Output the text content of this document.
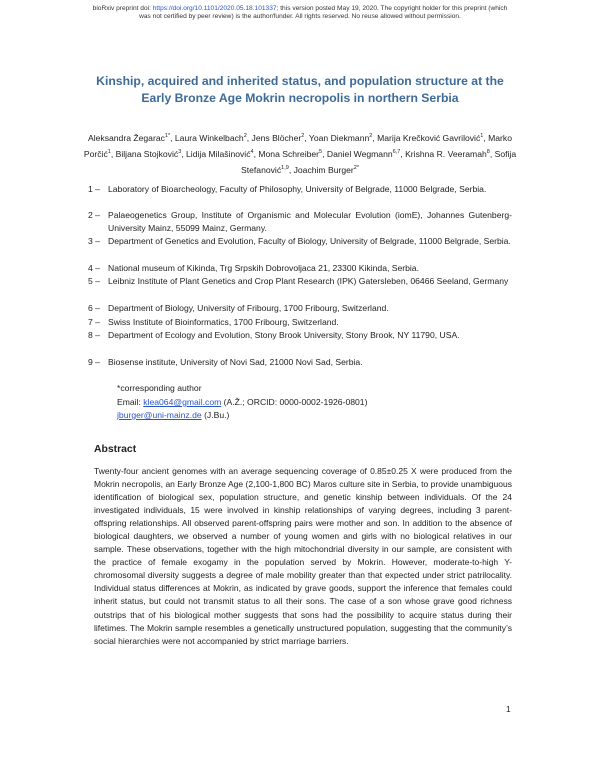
bioRxiv preprint doi: https://doi.org/10.1101/2020.05.18.101337; this version posted May 19, 2020. The copyright holder for this preprint (which
was not certified by peer review) is the author/funder. All rights reserved. No reuse allowed without permission.
Kinship, acquired and inherited status, and population structure at the
Early Bronze Age Mokrin necropolis in northern Serbia
Aleksandra Žegarac$^{1*}$, Laura Winkelbach$^2$, Jens Blöcher$^2$, Yoan Diekmann$^2$, Marija Krečković Gavrilović$^1$, Marko Porčić$^1$, Biljana Stojković$^3$, Lidija Milašinović$^4$, Mona Schreiber$^5$, Daniel Wegmann$^{6,7}$, Krishna R. Veeramah$^8$, Sofija Stefanović$^{1,9}$, Joachim Burger$^{2*}$
1 – Laboratory of Bioarcheology, Faculty of Philosophy, University of Belgrade, 11000 Belgrade, Serbia.
2 – Palaeogenetics Group, Institute of Organismic and Molecular Evolution (iomE), Johannes Gutenberg-University Mainz, 55099 Mainz, Germany.
3 – Department of Genetics and Evolution, Faculty of Biology, University of Belgrade, 11000 Belgrade, Serbia.
4 – National museum of Kikinda, Trg Srpskih Dobrovoljaca 21, 23300 Kikinda, Serbia.
5 – Leibniz Institute of Plant Genetics and Crop Plant Research (IPK) Gatersleben, 06466 Seeland, Germany
6 – Department of Biology, University of Fribourg, 1700 Fribourg, Switzerland.
7 – Swiss Institute of Bioinformatics, 1700 Fribourg, Switzerland.
8 – Department of Ecology and Evolution, Stony Brook University, Stony Brook, NY 11790, USA.
9 – Biosense institute, University of Novi Sad, 21000 Novi Sad, Serbia.
*corresponding author
Email: klea064@gmail.com (A.Ž.; ORCID: 0000-0002-1926-0801)
jburger@uni-mainz.de (J.Bu.)
Abstract
Twenty-four ancient genomes with an average sequencing coverage of 0.85±0.25 X were produced from the Mokrin necropolis, an Early Bronze Age (2,100-1,800 BC) Maros culture site in Serbia, to provide unambiguous identification of biological sex, population structure, and genetic kinship between individuals. Of the 24 investigated individuals, 15 were involved in kinship relationships of varying degrees, including 3 parent-offspring relationships. All observed parent-offspring pairs were mother and son. In addition to the absence of biological daughters, we observed a number of young women and girls with no biological relatives in our sample. These observations, together with the high mitochondrial diversity in our sample, are consistent with the practice of female exogamy in the population served by Mokrin. However, moderate-to-high Y-chromosomal diversity suggests a degree of male mobility greater than that expected under strict patrilocality. Individual status differences at Mokrin, as indicated by grave goods, support the inference that females could inherit status, but could not transmit status to all their sons. The case of a son whose grave good richness outstrips that of his biological mother suggests that sons had the possibility to acquire status during their lifetimes. The Mokrin sample resembles a genetically unstructured population, suggesting that the community’s social hierarchies were not accompanied by strict marriage barriers.
1
